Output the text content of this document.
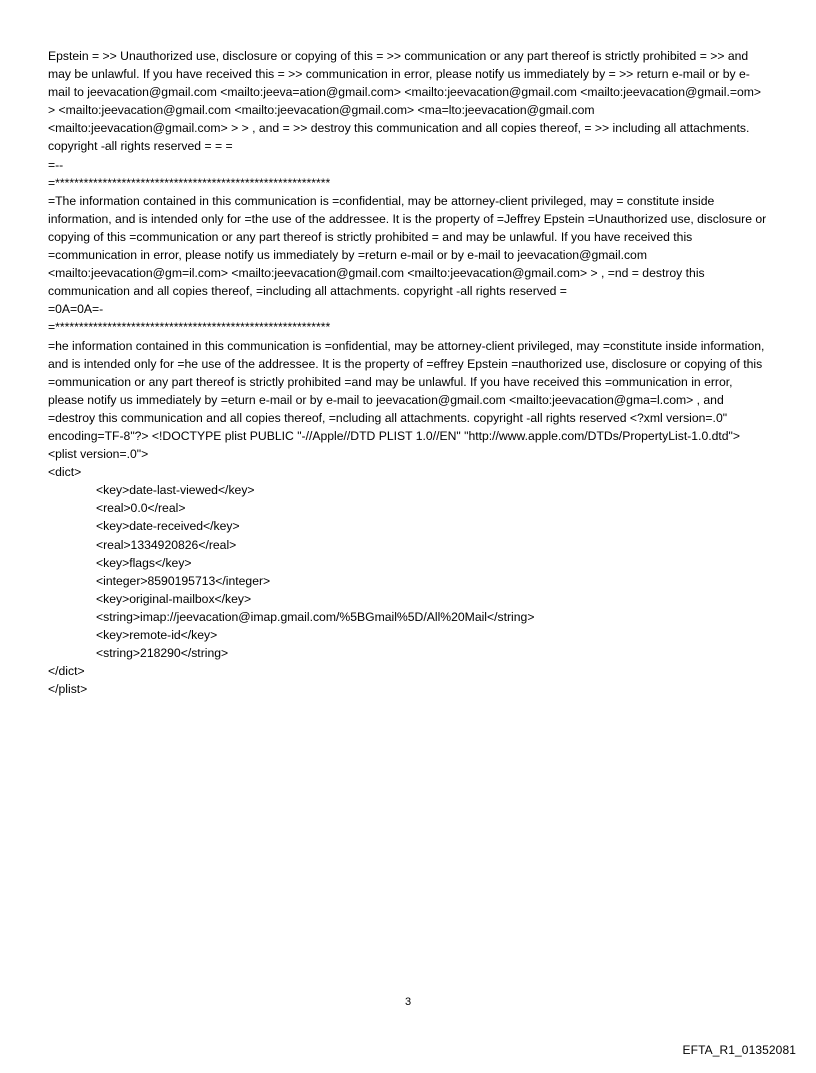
Epstein = >> Unauthorized use, disclosure or copying of this = >> communication or any part thereof is strictly prohibited = >> and may be unlawful. If you have received this = >> communication in error, please notify us immediately by = >> return e-mail or by e-mail to jeevacation@gmail.com <mailto:jeeva=ation@gmail.com> <mailto:jeevacation@gmail.com <mailto:jeevacation@gmail.=om> > <mailto:jeevacation@gmail.com <mailto:jeevacation@gmail.com> <ma=lto:jeevacation@gmail.com <mailto:jeevacation@gmail.com> > > , and = >> destroy this communication and all copies thereof, = >> including all attachments. copyright -all rights reserved = = =

=--
=**********************************************************

=The information contained in this communication is =confidential, may be attorney-client privileged, may = constitute inside information, and is intended only for =the use of the addressee. It is the property of =Jeffrey Epstein =Unauthorized use, disclosure or copying of this =communication or any part thereof is strictly prohibited = and may be unlawful. If you have received this =communication in error, please notify us immediately by =return e-mail or by e-mail to jeevacation@gmail.com <mailto:jeevacation@gm=il.com> <mailto:jeevacation@gmail.com <mailto:jeevacation@gmail.com> > , =nd = destroy this communication and all copies thereof, =including all attachments. copyright -all rights reserved =

=0A=0A=-
=**********************************************************

=he information contained in this communication is =onfidential, may be attorney-client privileged, may =constitute inside information, and is intended only for =he use of the addressee. It is the property of =effrey Epstein =nauthorized use, disclosure or copying of this =ommunication or any part thereof is strictly prohibited =and may be unlawful. If you have received this =ommunication in error, please notify us immediately by =eturn e-mail or by e-mail to jeevacation@gmail.com <mailto:jeevacation@gma=l.com> , and =destroy this communication and all copies thereof, =ncluding all attachments. copyright -all rights reserved <?xml version=.0" encoding=TF-8"?> <!DOCTYPE plist PUBLIC "-//Apple//DTD PLIST 1.0//EN" "http://www.apple.com/DTDs/PropertyList-1.0.dtd">

<plist version=.0">
<dict>
<key>date-last-viewed</key>
<real>0.0</real>
<key>date-received</key>
<real>1334920826</real>
<key>flags</key>
<integer>8590195713</integer>
<key>original-mailbox</key>
<string>imap://jeevacation@imap.gmail.com/%5BGmail%5D/All%20Mail</string>
<key>remote-id</key>
<string>218290</string>
</dict>
</plist>
3
EFTA_R1_01352081
